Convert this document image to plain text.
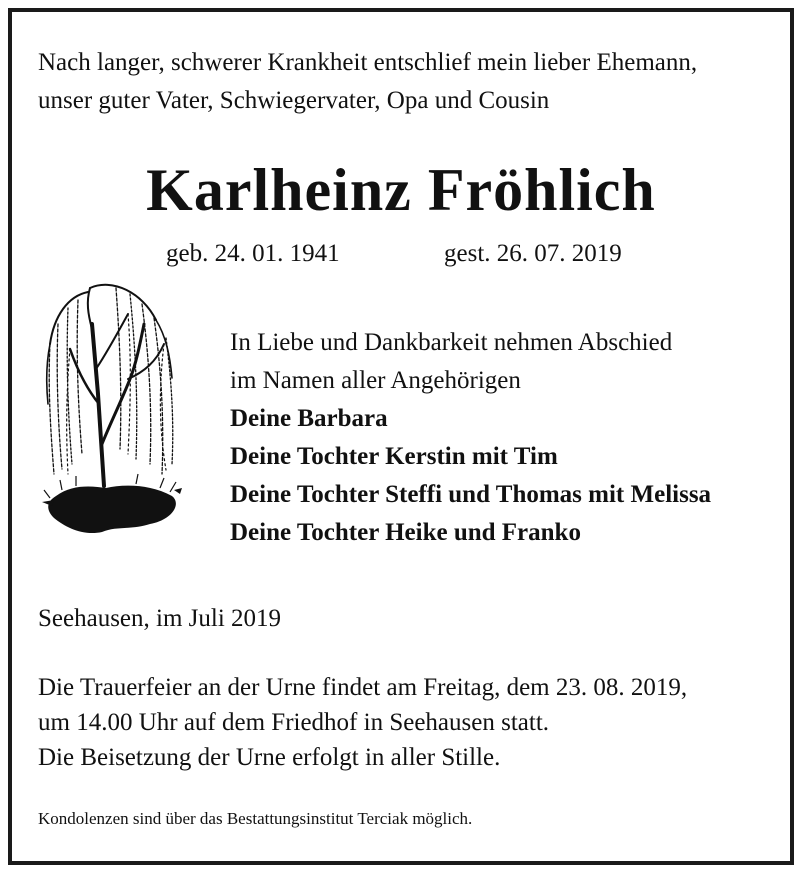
Nach langer, schwerer Krankheit entschlief mein lieber Ehemann,
unser guter Vater, Schwiegervater, Opa und Cousin
Karlheinz Fröhlich
geb. 24. 01. 1941	gest. 26. 07. 2019
In Liebe und Dankbarkeit nehmen Abschied
im Namen aller Angehörigen
Deine Barbara
Deine Tochter Kerstin mit Tim
Deine Tochter Steffi und Thomas mit Melissa
Deine Tochter Heike und Franko
Seehausen, im Juli 2019
Die Trauerfeier an der Urne findet am Freitag, dem 23. 08. 2019,
um 14.00 Uhr auf dem Friedhof in Seehausen statt.
Die Beisetzung der Urne erfolgt in aller Stille.
Kondolenzen sind über das Bestattungsinstitut Terciak möglich.
